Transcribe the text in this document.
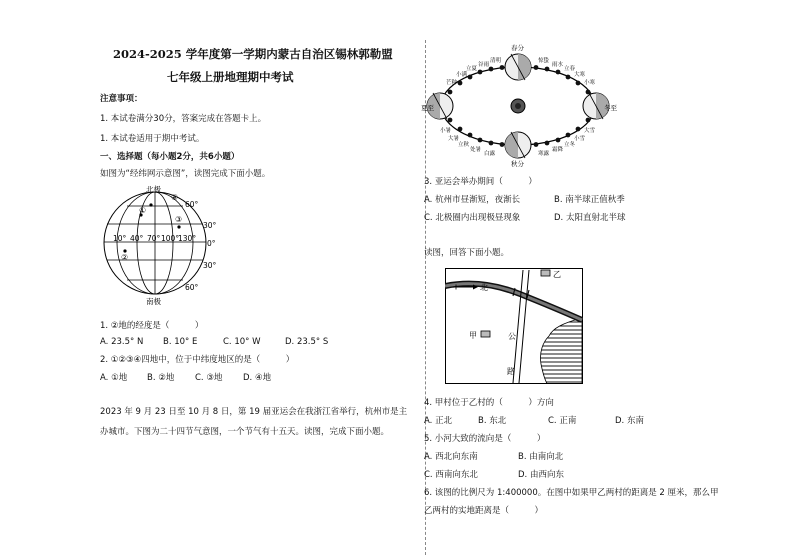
2024-2025 学年度第一学期内蒙古自治区锡林郭勒盟
七年级上册地理期中考试
注意事项：
1. 本试卷满分30分，答案完成在答题卡上。
1. 本试卷适用于期中考试。
一、选择题（每小题2分，共6小题）
如图为“经纬网示意图”，读图完成下面小题。
北极
南极
④
①
②
③
10° 40° 70° 100°
130°
60°
30°
0°
30°
60°
1. ②地的经度是（　　　）
A. 23.5° N B. 10° E	C. 10° W	D. 23.5° S
2. ①②③④四地中，位于中纬度地区的是（　　　）
A. ①地 B. ②地 C. ③地 D. ④地
2023 年 9 月 23 日至 10 月 8 日，第 19 届亚运会在我浙江省举行，杭州市是主
办城市。下图为二十四节气意图，一个节气有十五天。读图，完成下面小题。
春分
夏至
秋分
冬至
清明
谷雨
立夏
小满
芒种
小暑
大暑
立秋
处暑
白露	寒露
霜降
立冬
小雪
大雪
小寒
大寒
立春
雨水
惊蛰
3. 亚运会举办期间（　　　）
A. 杭州市昼渐短，夜渐长	B. 南半球正值秋季
C. 北极圈内出现极昼现象	D. 太阳直射北半球
读图，回答下面小题。
北
乙
甲	公
路
4. 甲村位于乙村的（　　　）方向
A. 正北	B. 东北	C. 正南	D. 东南
5. 小河大致的流向是（　　　）
A. 西北向东南	B. 由南向北
C. 西南向东北	D. 由西向东
6. 该图的比例尺为 1:400000。在图中如果甲乙两村的距离是 2 厘米，那么甲
乙两村的实地距离是（　　　）
